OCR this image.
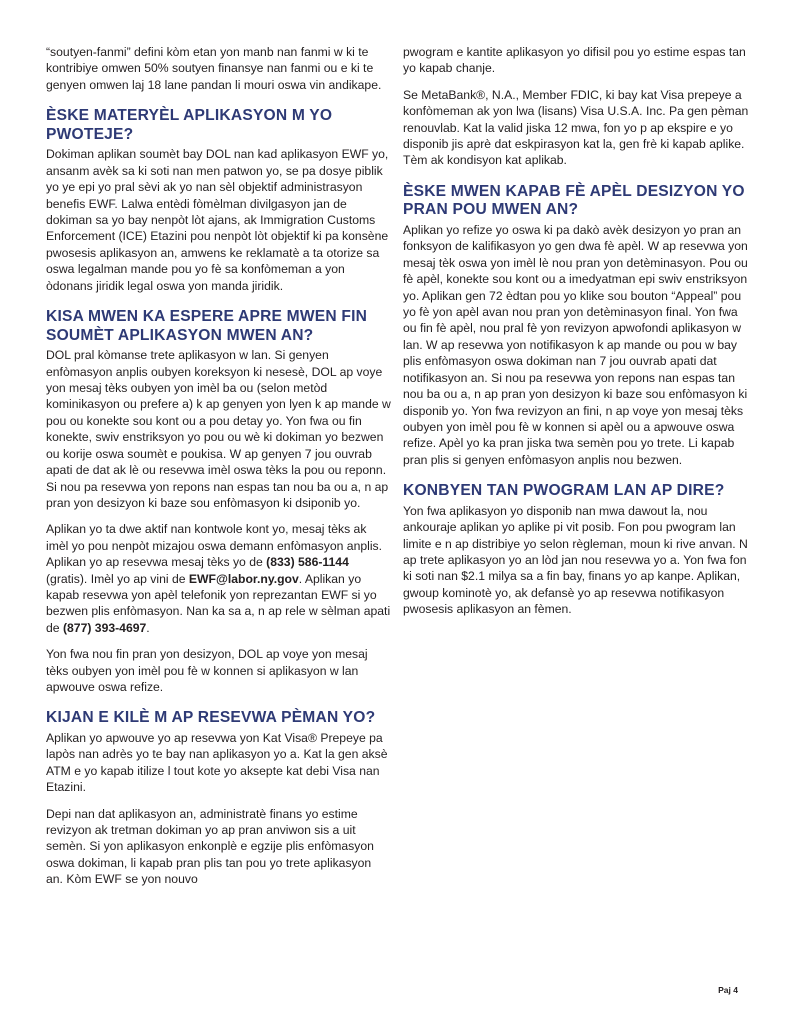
“soutyen-fanmi” defini kòm etan yon manb nan fanmi w ki te kontribiye omwen 50% soutyen finansye nan fanmi ou e ki te genyen omwen laj 18 lane pandan li mouri oswa vin andikape.

ÈSKE MATERYÈL APLIKASYON M YO PWOTEJE?

Dokiman aplikan soumèt bay DOL nan kad aplikasyon EWF yo, ansanm avèk sa ki soti nan men patwon yo, se pa dosye piblik yo ye epi yo pral sèvi ak yo nan sèl objektif administrasyon benefis EWF. Lalwa entèdi fòmèlman divilgasyon jan de dokiman sa yo bay nenpòt lòt ajans, ak Immigration Customs Enforcement (ICE) Etazini pou nenpòt lòt objektif ki pa konsène pwosesis aplikasyon an, amwens ke reklamatè a ta otorize sa oswa legalman mande pou yo fè sa konfòmeman a yon òdonans jiridik legal oswa yon manda jiridik.

KISA MWEN KA ESPERE APRE MWEN FIN SOUMÈT APLIKASYON MWEN AN?

DOL pral kòmanse trete aplikasyon w lan. Si genyen enfòmasyon anplis oubyen koreksyon ki nesesè, DOL ap voye yon mesaj tèks oubyen yon imèl ba ou (selon metòd kominikasyon ou prefere a) k ap genyen yon lyen k ap mande w pou ou konekte sou kont ou a pou detay yo. Yon fwa ou fin konekte, swiv enstriksyon yo pou ou wè ki dokiman yo bezwen ou korije oswa soumèt e poukisa. W ap genyen 7 jou ouvrab apati de dat ak lè ou resevwa imèl oswa tèks la pou ou reponn. Si nou pa resevwa yon repons nan espas tan nou ba ou a, n ap pran yon desizyon ki baze sou enfòmasyon ki dsiponib yo.

Aplikan yo ta dwe aktif nan kontwole kont yo, mesaj tèks ak imèl yo pou nenpòt mizajou oswa demann enfòmasyon anplis. Aplikan yo ap resevwa mesaj tèks yo de (833) 586-1144 (gratis). Imèl yo ap vini de EWF@labor.ny.gov. Aplikan yo kapab resevwa yon apèl telefonik yon reprezantan EWF si yo bezwen plis enfòmasyon. Nan ka sa a, n ap rele w sèlman apati de (877) 393-4697.

Yon fwa nou fin pran yon desizyon, DOL ap voye yon mesaj tèks oubyen yon imèl pou fè w konnen si aplikasyon w lan apwouve oswa refize.

KIJAN E KILÈ M AP RESEVWA PÈMAN YO?

Aplikan yo apwouve yo ap resevwa yon Kat Visa® Prepeye pa lapòs nan adrès yo te bay nan aplikasyon yo a. Kat la gen aksè ATM e yo kapab itilize l tout kote yo aksepte kat debi Visa nan Etazini.

Depi nan dat aplikasyon an, administratè finans yo estime revizyon ak tretman dokiman yo ap pran anviwon sis a uit semèn. Si yon aplikasyon enkonplè e egzije plis enfòmasyon oswa dokiman, li kapab pran plis tan pou yo trete aplikasyon an. Kòm EWF se yon nouvo

pwogram e kantite aplikasyon yo difisil pou yo estime espas tan yo kapab chanje.

Se MetaBank®, N.A., Member FDIC, ki bay kat Visa prepeye a konfòmeman ak yon lwa (lisans) Visa U.S.A. Inc. Pa gen pèman renouvlab. Kat la valid jiska 12 mwa, fon yo p ap ekspire e yo disponib jis aprè dat eskpirasyon kat la, gen frè ki kapab aplike. Tèm ak kondisyon kat aplikab.

ÈSKE MWEN KAPAB FÈ APÈL DESIZYON YO PRAN POU MWEN AN?

Aplikan yo refize yo oswa ki pa dakò avèk desizyon yo pran an fonksyon de kalifikasyon yo gen dwa fè apèl. W ap resevwa yon mesaj tèk oswa yon imèl lè nou pran yon detèminasyon. Pou ou fè apèl, konekte sou kont ou a imedyatman epi swiv enstriksyon yo. Aplikan gen 72 èdtan pou yo klike sou bouton “Appeal” pou yo fè yon apèl avan nou pran yon detèminasyon final. Yon fwa ou fin fè apèl, nou pral fè yon revizyon apwofondi aplikasyon w lan. W ap resevwa yon notifikasyon k ap mande ou pou w bay plis enfòmasyon oswa dokiman nan 7 jou ouvrab apati dat notifikasyon an. Si nou pa resevwa yon repons nan espas tan nou ba ou a, n ap pran yon desizyon ki baze sou enfòmasyon ki disponib yo. Yon fwa revizyon an fini, n ap voye yon mesaj tèks oubyen yon imèl pou fè w konnen si apèl ou a apwouve oswa refize. Apèl yo ka pran jiska twa semèn pou yo trete. Li kapab pran plis si genyen enfòmasyon anplis nou bezwen.

KONBYEN TAN PWOGRAM LAN AP DIRE?

Yon fwa aplikasyon yo disponib nan mwa dawout la, nou ankouraje aplikan yo aplike pi vit posib. Fon pou pwogram lan limite e n ap distribiye yo selon règleman, moun ki rive anvan. N ap trete aplikasyon yo an lòd jan nou resevwa yo a. Yon fwa fon ki soti nan $2.1 milya sa a fin bay, finans yo ap kanpe. Aplikan, gwoup kominotè yo, ak defansè yo ap resevwa notifikasyon pwosesis aplikasyon an fèmen.

Paj 4
